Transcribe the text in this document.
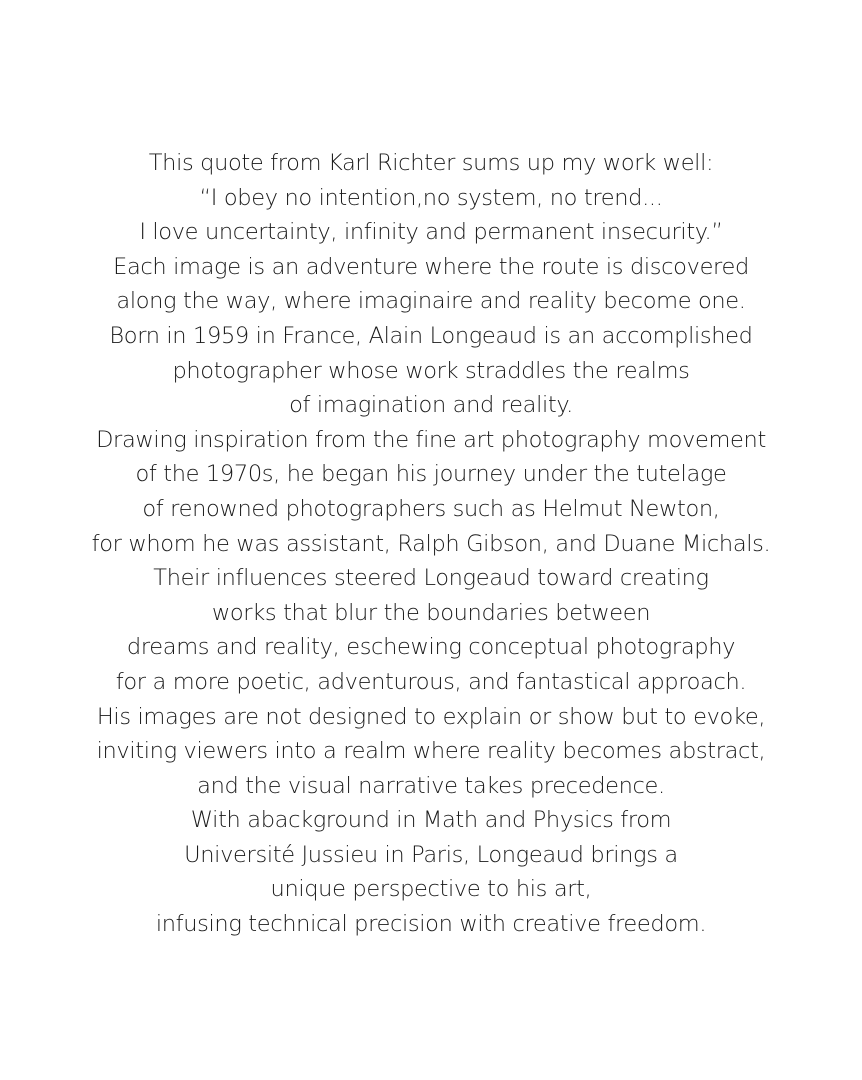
This quote from Karl Richter sums up my work well:
“I obey no intention,no system, no trend...
I love uncertainty, infinity and permanent insecurity.”
Each image is an adventure where the route is discovered
along the way, where imaginaire and reality become one.
Born in 1959 in France, Alain Longeaud is an accomplished
photographer whose work straddles the realms
of imagination and reality.
Drawing inspiration from the fine art photography movement
of the 1970s, he began his journey under the tutelage
of renowned photographers such as Helmut Newton,
for whom he was assistant, Ralph Gibson, and Duane Michals.
Their influences steered Longeaud toward creating
works that blur the boundaries between
dreams and reality, eschewing conceptual photography
for a more poetic, adventurous, and fantastical approach.
His images are not designed to explain or show but to evoke,
inviting viewers into a realm where reality becomes abstract,
and the visual narrative takes precedence.
With abackground in Math and Physics from
Université Jussieu in Paris, Longeaud brings a
unique perspective to his art,
infusing technical precision with creative freedom.
